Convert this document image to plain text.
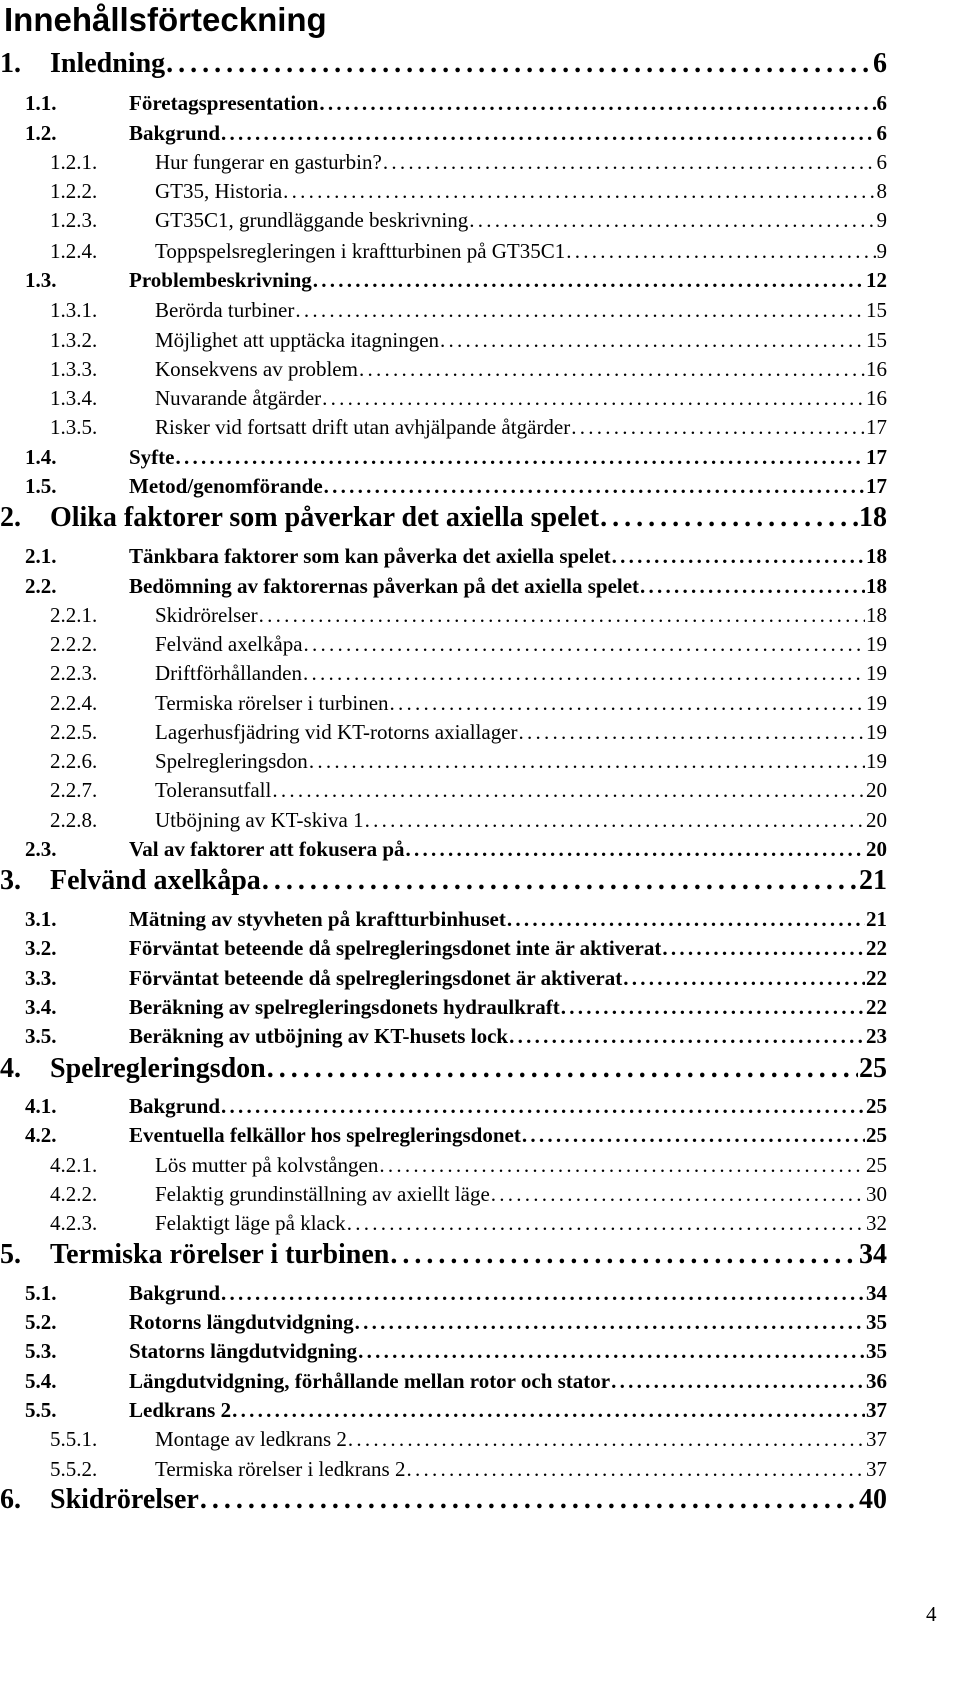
Innehållsförteckning
1.	Inledning . . .	6
1.1.	Företagspresentation . . .	6
1.2.	Bakgrund . . .	6
1.2.1.	Hur fungerar en gasturbin? . . .	6
1.2.2.	GT35, Historia . . .	8
1.2.3.	GT35C1, grundläggande beskrivning . . .	9
1.2.4.	Toppspelsregleringen i kraftturbinen på GT35C1 . . .	9
1.3.	Problembeskrivning . . .	12
1.3.1.	Berörda turbiner . . .	15
1.3.2.	Möjlighet att upptäcka itagningen . . .	15
1.3.3.	Konsekvens av problem . . .	16
1.3.4.	Nuvarande åtgärder . . .	16
1.3.5.	Risker vid fortsatt drift utan avhjälpande åtgärder . . .	17
1.4.	Syfte . . .	17
1.5.	Metod/genomförande . . .	17
2.	Olika faktorer som påverkar det axiella spelet . . .	18
2.1.	Tänkbara faktorer som kan påverka det axiella spelet . . .	18
2.2.	Bedömning av faktorernas påverkan på det axiella spelet . . .	18
2.2.1.	Skidrörelser . . .	18
2.2.2.	Felvänd axelkåpa . . .	19
2.2.3.	Driftförhållanden . . .	19
2.2.4.	Termiska rörelser i turbinen . . .	19
2.2.5.	Lagerhusfjädring vid KT-rotorns axiallager . . .	19
2.2.6.	Spelregleringsdon . . .	19
2.2.7.	Toleransutfall . . .	20
2.2.8.	Utböjning av KT-skiva 1 . . .	20
2.3.	Val av faktorer att fokusera på . . .	20
3.	Felvänd axelkåpa . . .	21
3.1.	Mätning av styvheten på kraftturbinhuset . . .	21
3.2.	Förväntat beteende då spelregleringsdonet inte är aktiverat . . .	22
3.3.	Förväntat beteende då spelregleringsdonet är aktiverat . . .	22
3.4.	Beräkning av spelregleringsdonets hydraulkraft . . .	22
3.5.	Beräkning av utböjning av KT-husets lock . . .	23
4.	Spelregleringsdon . . .	25
4.1.	Bakgrund . . .	25
4.2.	Eventuella felkällor hos spelregleringsdonet . . .	25
4.2.1.	Lös mutter på kolvstången . . .	25
4.2.2.	Felaktig grundinställning av axiellt läge . . .	30
4.2.3.	Felaktigt läge på klack . . .	32
5.	Termiska rörelser i turbinen . . .	34
5.1.	Bakgrund . . .	34
5.2.	Rotorns längdutvidgning . . .	35
5.3.	Statorns längdutvidgning . . .	35
5.4.	Längdutvidgning, förhållande mellan rotor och stator . . .	36
5.5.	Ledkrans 2 . . .	37
5.5.1.	Montage av ledkrans 2 . . .	37
5.5.2.	Termiska rörelser i ledkrans 2 . . .	37
6.	Skidrörelser . . .	40
4
